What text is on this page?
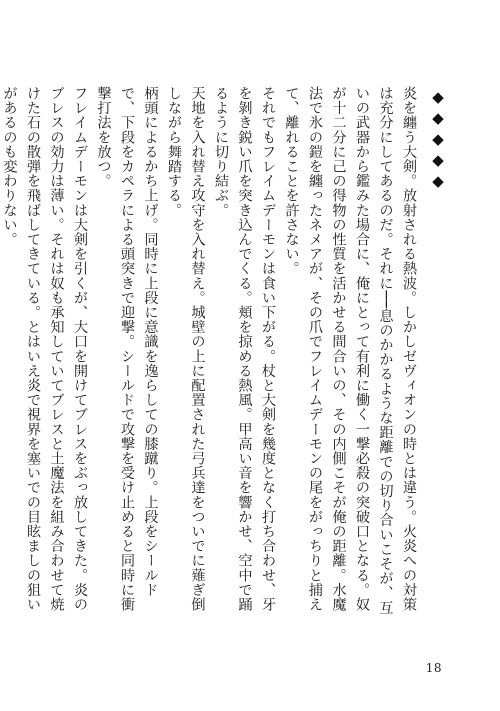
◆◆◆◆◆

炎を纏う大剣。放射される熱波。しかしゼヴィオンの時とは違う。火炎への対策は充分にしてあるのだ。それに──息のかかるような距離での切り合いこそが、互いの武器から鑑みた場合に、俺にとって有利に働く一撃必殺の突破口となる。奴が十二分に己の得物の性質を活かせる間合いの、その内側こそが俺の距離。水魔法で氷の鎧を纏ったネメアが、その爪でフレイムデーモンの尾をがっちりと捕えて、離れることを許さない。

それでもフレイムデーモンは食い下がる。杖と大剣を幾度となく打ち合わせ、牙を剝き鋭い爪を突き込んでくる。頬を掠める熱風。甲高い音を響かせ、空中で踊るように切り結ぶ。

天地を入れ替え攻守を入れ替え。城壁の上に配置された弓兵達をついでに薙ぎ倒しながら舞踏する。

柄頭によるかち上げ。同時に上段に意識を逸らしての膝蹴り。上段をシールドで、下段をカペラによる頭突きで迎撃。シールドで攻撃を受け止めると同時に衝撃打法を放つ。

フレイムデーモンは大剣を引くが、大口を開けてブレスをぶっ放してきた。炎のブレスの効力は薄い。それは奴も承知していてブレスと土魔法を組み合わせて焼けた石の散弾を飛ばしてきている。とはいえ炎で視界を塞いでの目眩ましの狙いがあるのも変わりない。

18
